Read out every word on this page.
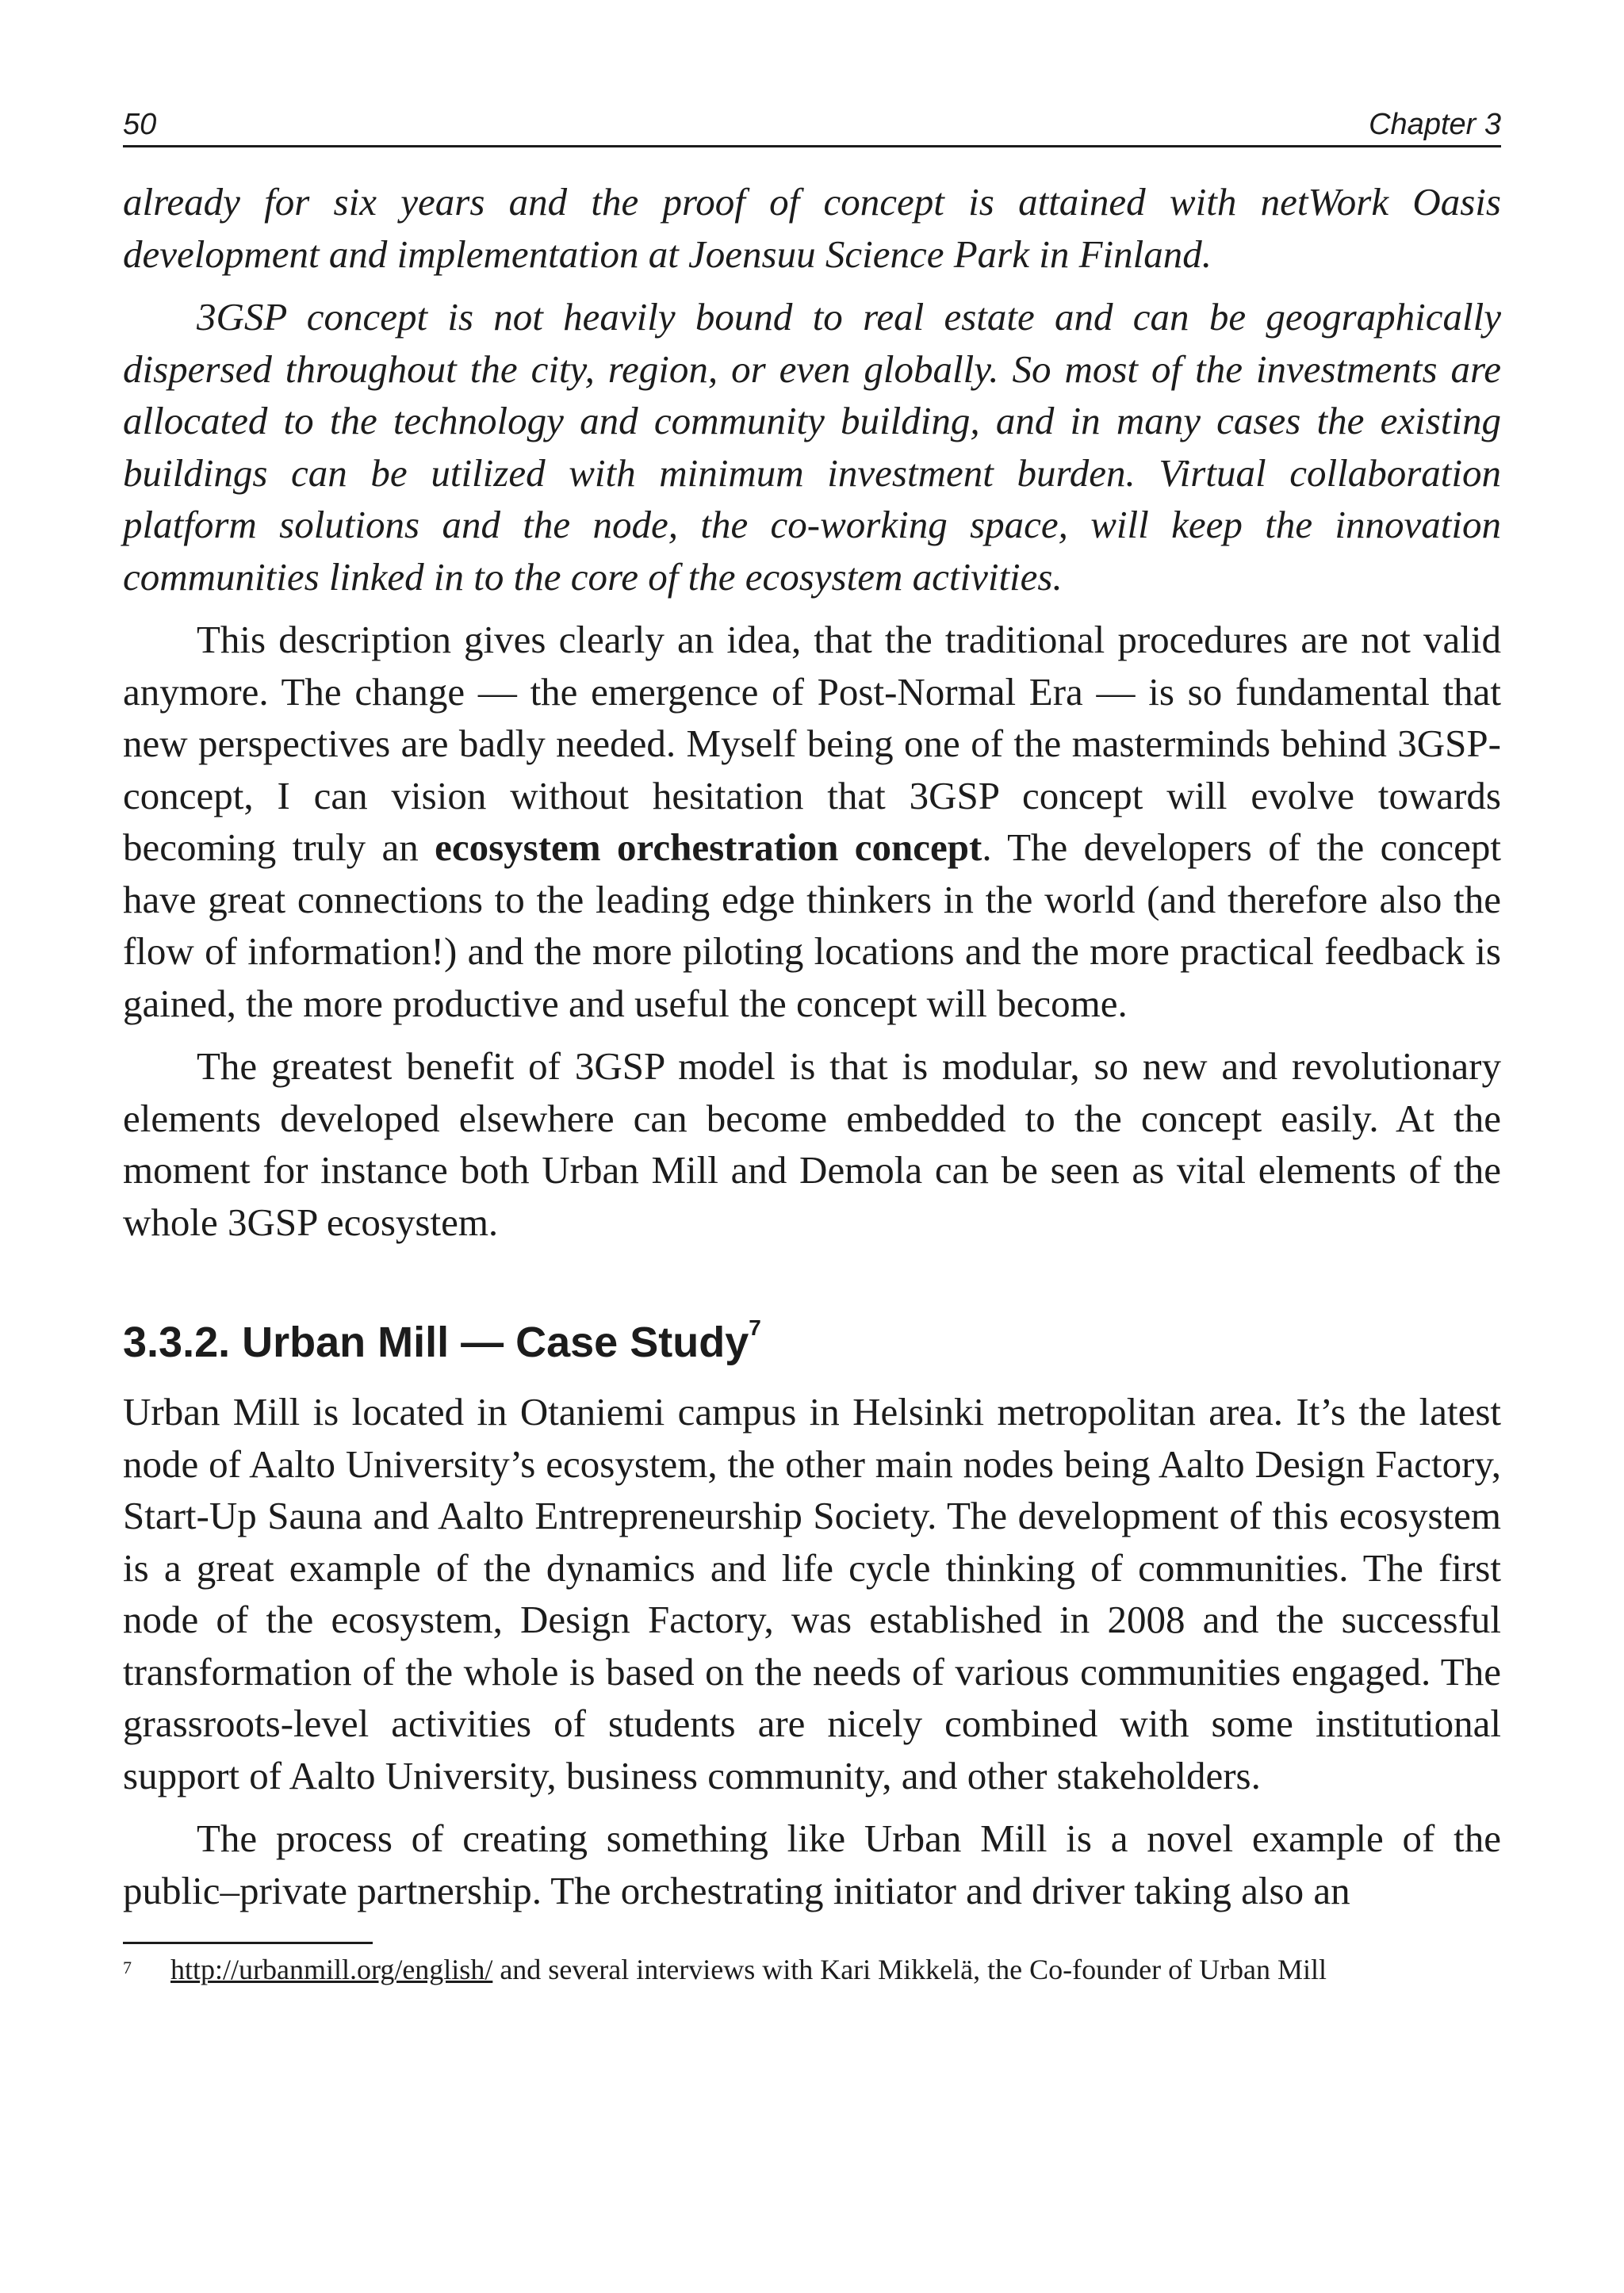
50	Chapter 3

already for six years and the proof of concept is attained with netWork Oasis development and implementation at Joensuu Science Park in Finland.

3GSP concept is not heavily bound to real estate and can be geographically dispersed throughout the city, region, or even globally. So most of the investments are allocated to the technology and community building, and in many cases the existing buildings can be utilized with minimum investment burden. Virtual collaboration platform solutions and the node, the co-working space, will keep the innovation communities linked in to the core of the ecosystem activities.

This description gives clearly an idea, that the traditional procedures are not valid anymore. The change — the emergence of Post-Normal Era — is so fundamental that new perspectives are badly needed. Myself being one of the masterminds behind 3GSP-concept, I can vision without hesitation that 3GSP concept will evolve towards becoming truly an ecosystem orchestration concept. The developers of the concept have great connections to the leading edge thinkers in the world (and therefore also the flow of information!) and the more piloting locations and the more practical feedback is gained, the more productive and useful the concept will become.

The greatest benefit of 3GSP model is that is modular, so new and revolutionary elements developed elsewhere can become embedded to the concept easily. At the moment for instance both Urban Mill and Demola can be seen as vital elements of the whole 3GSP ecosystem.

3.3.2. Urban Mill — Case Study$^7$

Urban Mill is located in Otaniemi campus in Helsinki metropolitan area. It’s the latest node of Aalto University’s ecosystem, the other main nodes being Aalto Design Factory, Start-Up Sauna and Aalto Entrepreneurship Society. The development of this ecosystem is a great example of the dynamics and life cycle thinking of communities. The first node of the ecosystem, Design Factory, was established in 2008 and the successful transformation of the whole is based on the needs of various communities engaged. The grassroots-level activities of students are nicely combined with some institutional support of Aalto University, business community, and other stakeholders.

The process of creating something like Urban Mill is a novel example of the public–private partnership. The orchestrating initiator and driver taking also an

7 http://urbanmill.org/english/ and several interviews with Kari Mikkelä, the Co-founder of Urban Mill
